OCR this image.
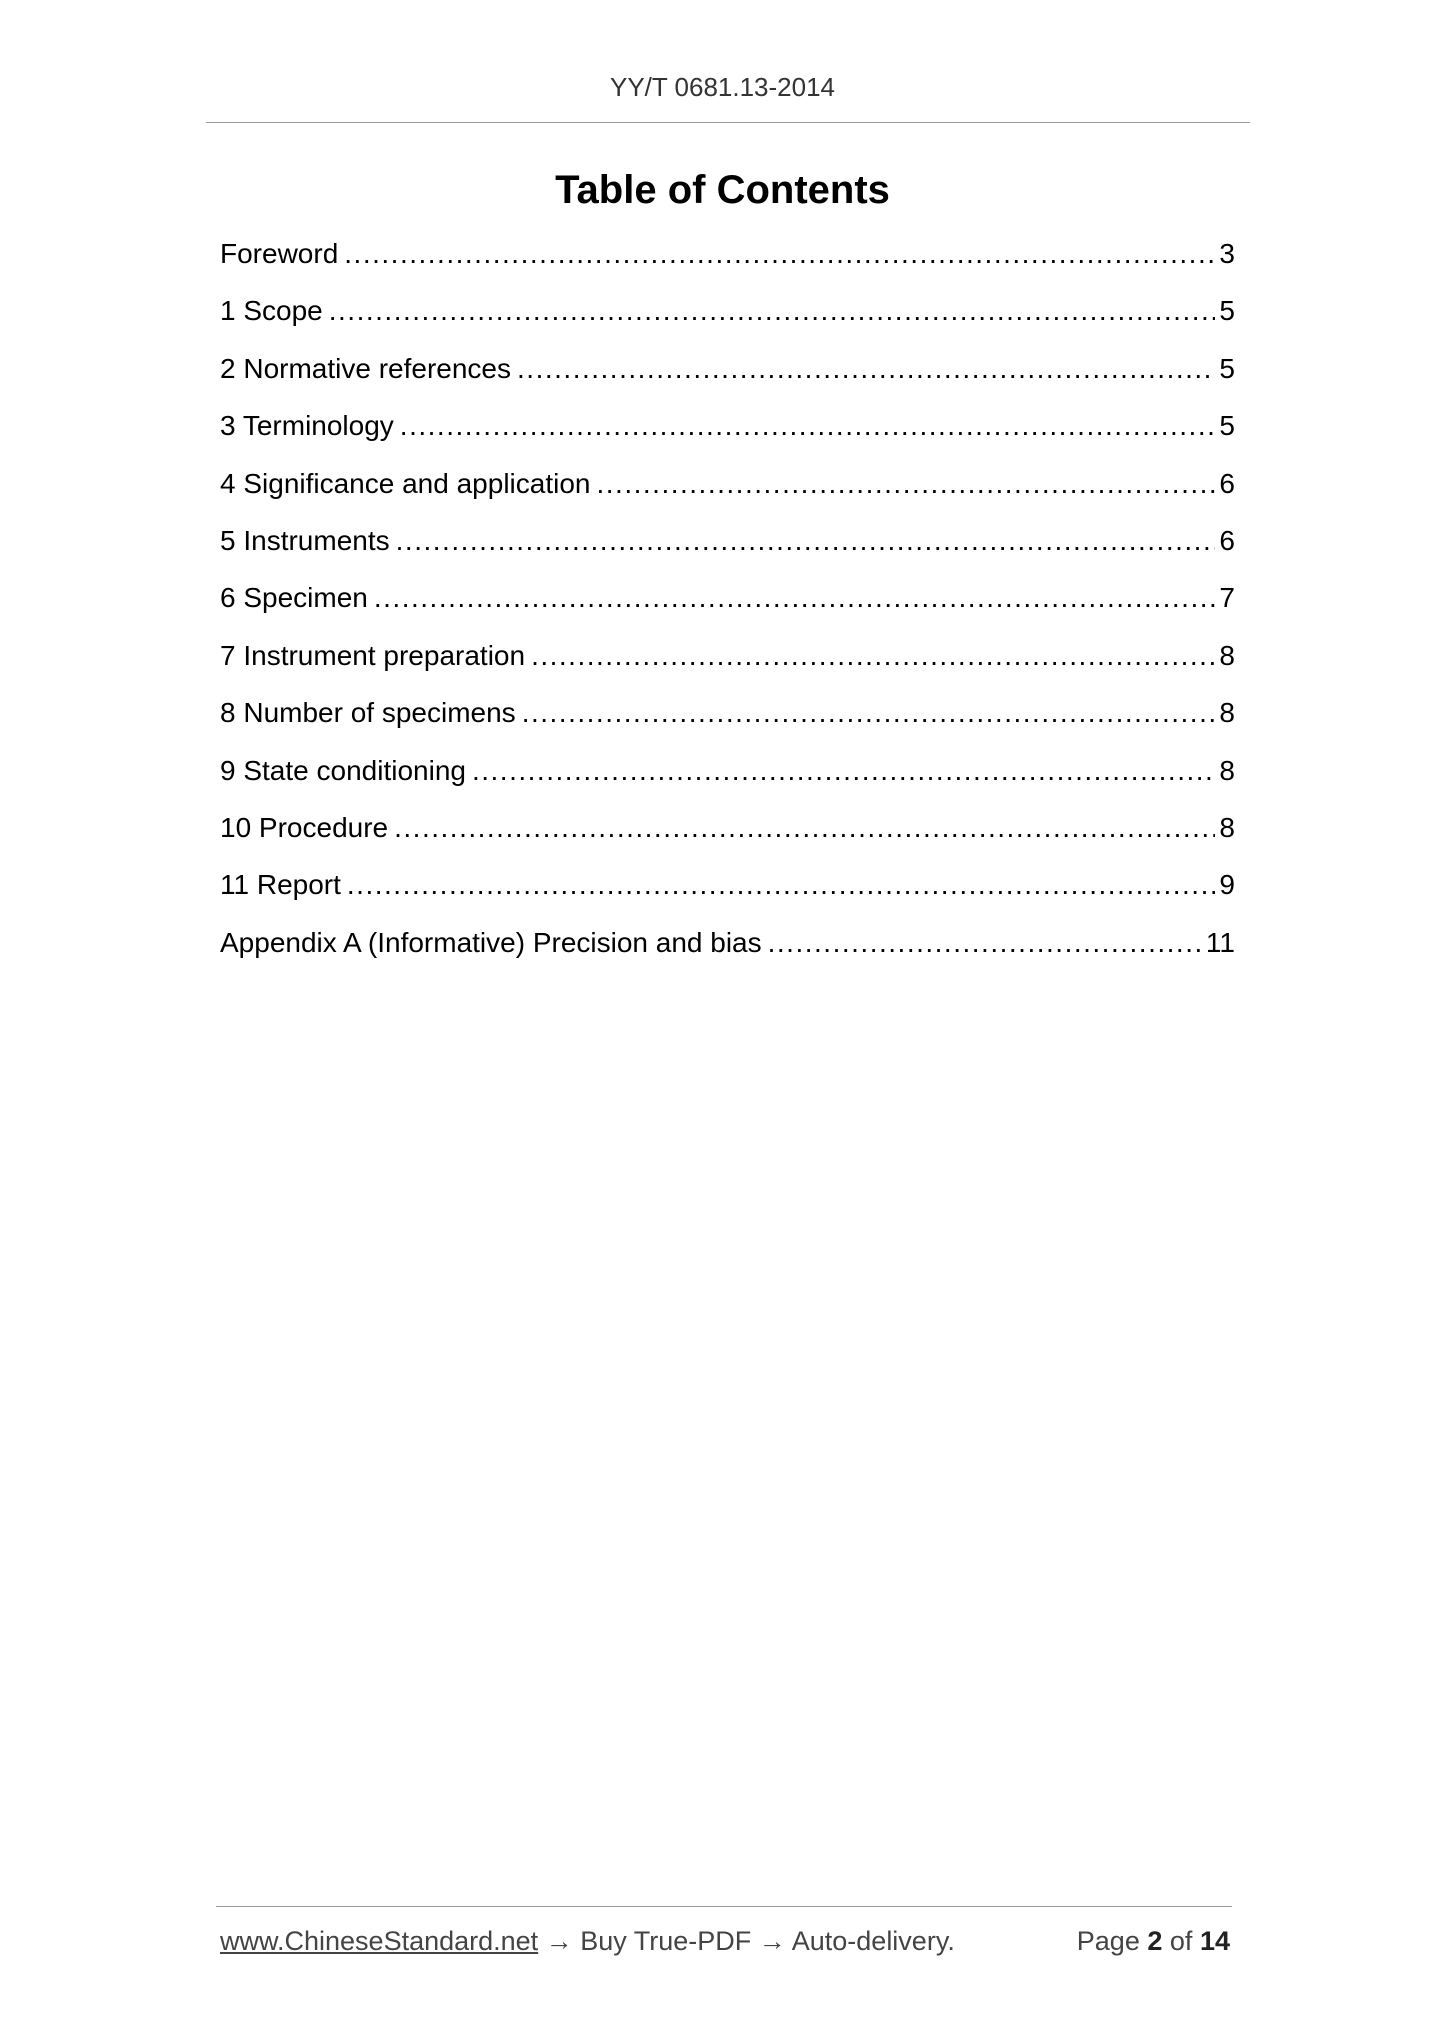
YY/T 0681.13-2014
Table of Contents
Foreword .....	3
1 Scope .....	5
2 Normative references .....	5
3 Terminology .....	5
4 Significance and application .....	6
5 Instruments .....	6
6 Specimen .....	7
7 Instrument preparation .....	8
8 Number of specimens .....	8
9 State conditioning .....	8
10 Procedure .....	8
11 Report .....	9
Appendix A (Informative) Precision and bias .....	11
www.ChineseStandard.net → Buy True-PDF → Auto-delivery.	Page 2 of 14
